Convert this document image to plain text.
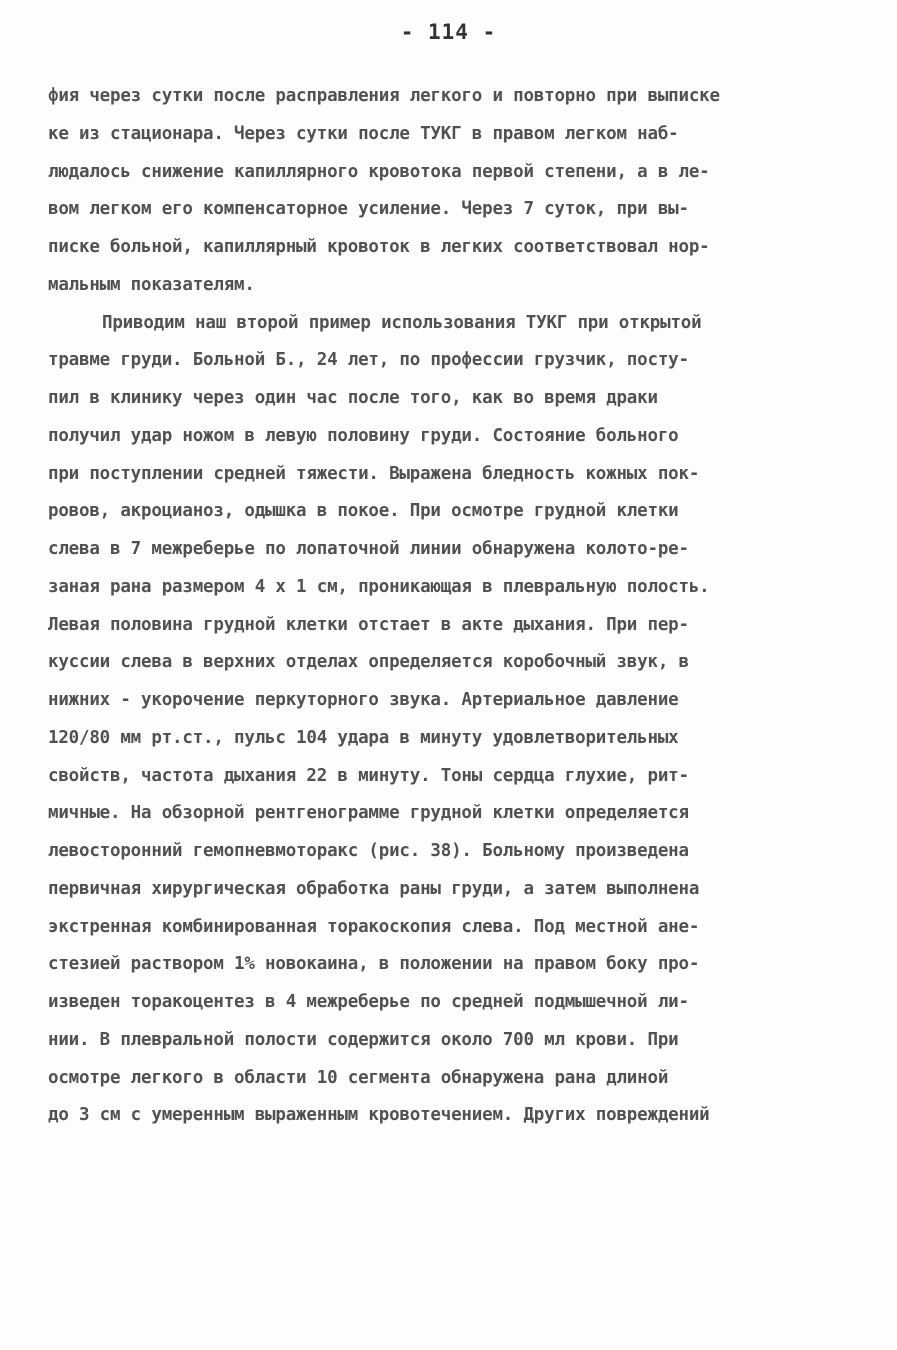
- 114 -
фия через сутки после расправления легкого и повторно при выписке
ке из стационара. Через сутки после ТУКГ в правом легком наб-
людалось снижение капиллярного кровотока первой степени, а в ле-
вом легком его компенсаторное усиление. Через 7 суток, при вы-
писке больной, капиллярный кровоток в легких соответствовал нор-
мальным показателям.
Приводим наш второй пример использования ТУКГ при открытой
травме груди. Больной Б., 24 лет, по профессии грузчик, посту-
пил в клинику через один час после того, как во время драки
получил удар ножом в левую половину груди. Состояние больного
при поступлении средней тяжести. Выражена бледность кожных пок-
ровов, акроцианоз, одышка в покое. При осмотре грудной клетки
слева в 7 межреберье по лопаточной линии обнаружена колото-ре-
заная рана размером 4 х 1 см, проникающая в плевральную полость.
Левая половина грудной клетки отстает в акте дыхания. При пер-
куссии слева в верхних отделах определяется коробочный звук, в
нижних - укорочение перкуторного звука. Артериальное давление
120/80 мм рт.ст., пульс 104 удара в минуту удовлетворительных
свойств, частота дыхания 22 в минуту. Тоны сердца глухие, рит-
мичные. На обзорной рентгенограмме грудной клетки определяется
левосторонний гемопневмоторакс (рис. 38). Больному произведена
первичная хирургическая обработка раны груди, а затем выполнена
экстренная комбинированная торакоскопия слева. Под местной ане-
стезией раствором 1% новокаина, в положении на правом боку про-
изведен торакоцентез в 4 межреберье по средней подмышечной ли-
нии. В плевральной полости содержится около 700 мл крови. При
осмотре легкого в области 10 сегмента обнаружена рана длиной
до 3 см с умеренным выраженным кровотечением. Других повреждений
